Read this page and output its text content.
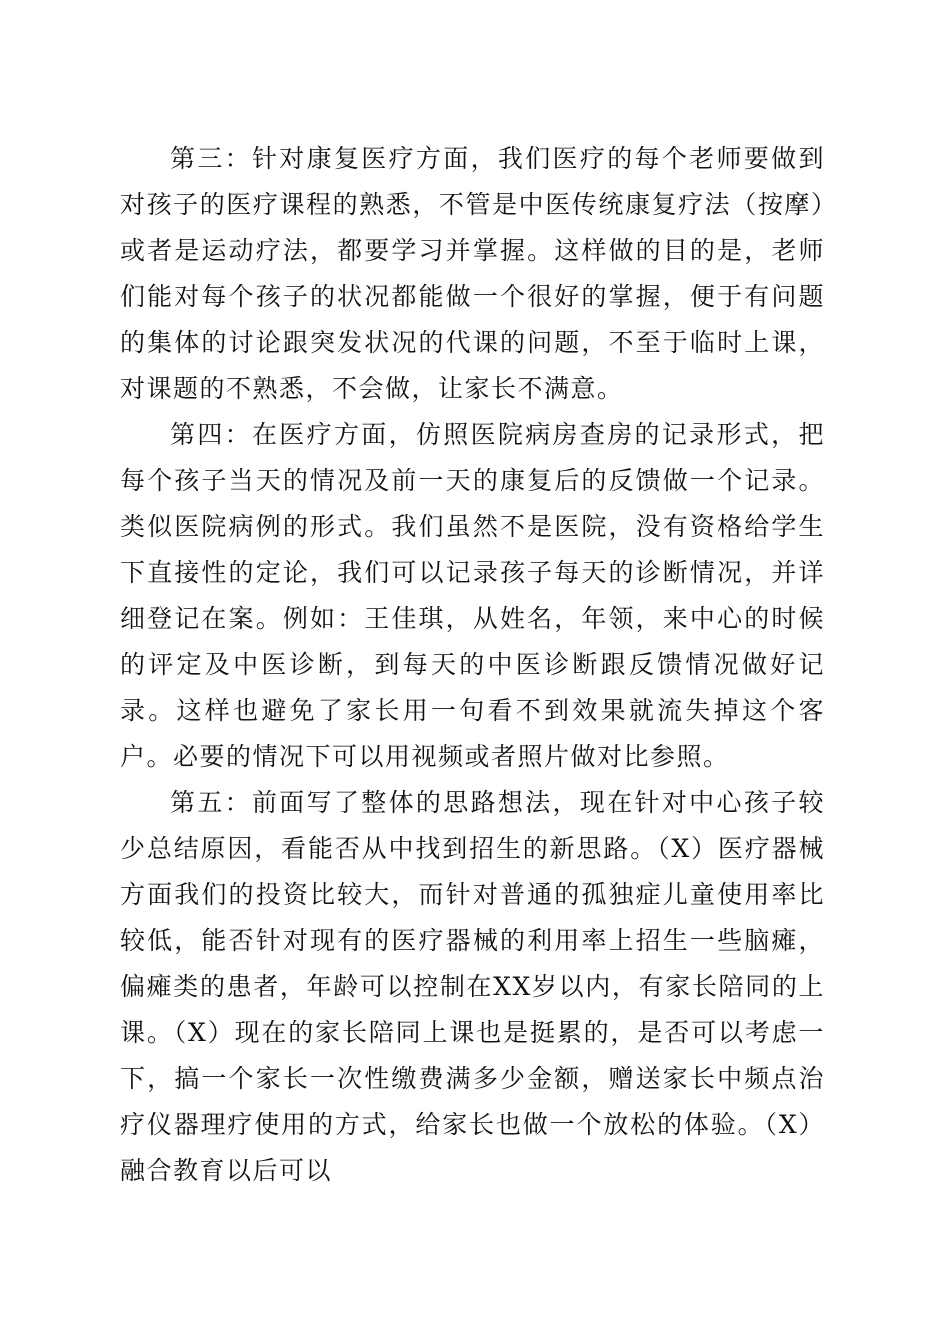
第三：针对康复医疗方面，我们医疗的每个老师要做到对孩子的医疗课程的熟悉，不管是中医传统康复疗法（按摩）或者是运动疗法，都要学习并掌握。这样做的目的是，老师们能对每个孩子的状况都能做一个很好的掌握，便于有问题的集体的讨论跟突发状况的代课的问题，不至于临时上课，对课题的不熟悉，不会做，让家长不满意。

第四：在医疗方面，仿照医院病房查房的记录形式，把每个孩子当天的情况及前一天的康复后的反馈做一个记录。类似医院病例的形式。我们虽然不是医院，没有资格给学生下直接性的定论，我们可以记录孩子每天的诊断情况，并详细登记在案。例如：王佳琪，从姓名，年领，来中心的时候的评定及中医诊断，到每天的中医诊断跟反馈情况做好记录。这样也避免了家长用一句看不到效果就流失掉这个客户。必要的情况下可以用视频或者照片做对比参照。

第五：前面写了整体的思路想法，现在针对中心孩子较少总结原因，看能否从中找到招生的新思路。（X）医疗器械方面我们的投资比较大，而针对普通的孤独症儿童使用率比较低，能否针对现有的医疗器械的利用率上招生一些脑瘫，偏瘫类的患者，年龄可以控制在XX岁以内，有家长陪同的上课。（X）现在的家长陪同上课也是挺累的，是否可以考虑一下，搞一个家长一次性缴费满多少金额，赠送家长中频点治疗仪器理疗使用的方式，给家长也做一个放松的体验。（X）融合教育以后可以
